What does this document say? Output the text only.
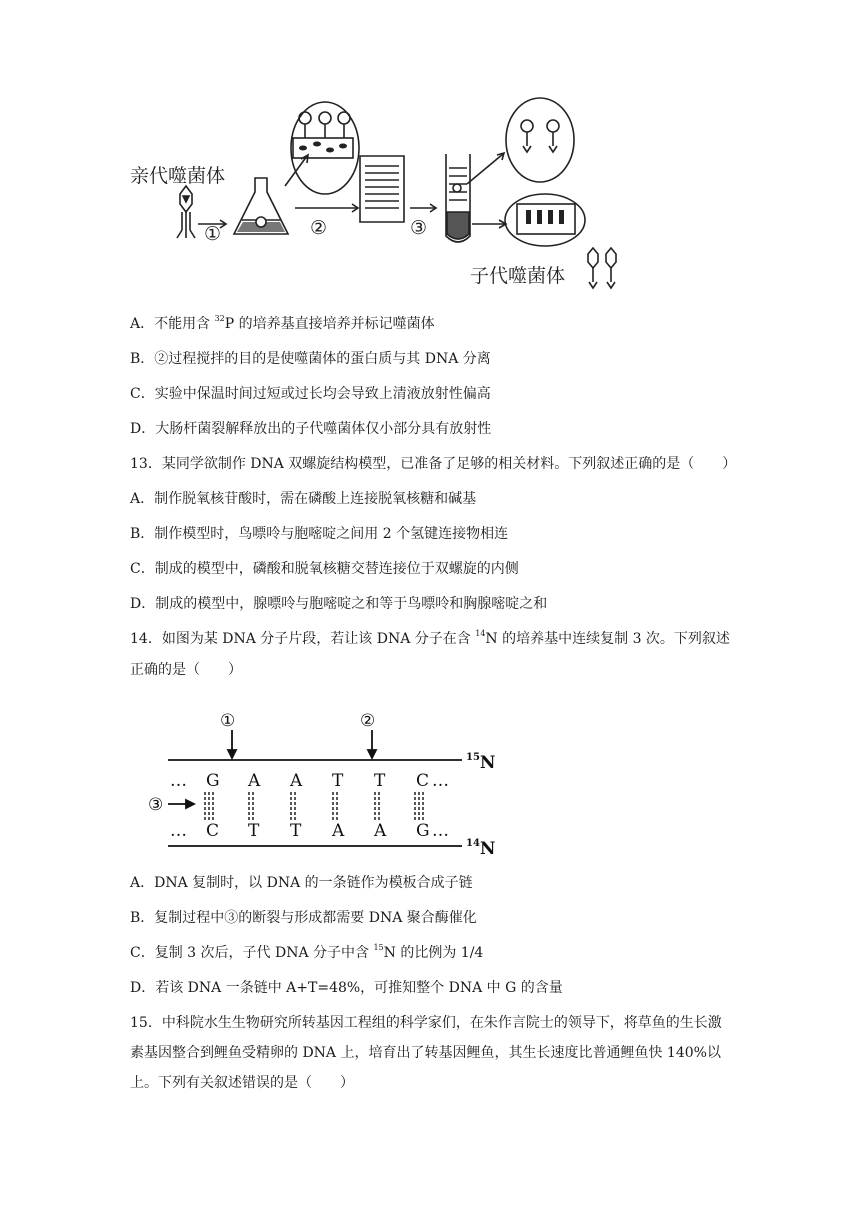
亲代噬菌体
①	②	③
子代噬菌体
A．不能用含 $^{32}$P 的培养基直接培养并标记噬菌体
B．②过程搅拌的目的是使噬菌体的蛋白质与其 DNA 分离
C．实验中保温时间过短或过长均会导致上清液放射性偏高
D．大肠杆菌裂解释放出的子代噬菌体仅小部分具有放射性
13．某同学欲制作 DNA 双螺旋结构模型，已准备了足够的相关材料。下列叙述正确的是（　　）
A．制作脱氧核苷酸时，需在磷酸上连接脱氧核糖和碱基
B．制作模型时，鸟嘌呤与胞嘧啶之间用 2 个氢键连接物相连
C．制成的模型中，磷酸和脱氧核糖交替连接位于双螺旋的内侧
D．制成的模型中，腺嘌呤与胞嘧啶之和等于鸟嘌呤和胸腺嘧啶之和
14．如图为某 DNA 分子片段，若让该 DNA 分子在含 $^{14}$N 的培养基中连续复制 3 次。下列叙述
正确的是（　　）
①	②
③
…
…
…
…
G A A T T C
C T T A A G
$^{15}$N
$^{14}$N
A．DNA 复制时，以 DNA 的一条链作为模板合成子链
B．复制过程中③的断裂与形成都需要 DNA 聚合酶催化
C．复制 3 次后，子代 DNA 分子中含 $^{15}$N 的比例为 1/4
D．若该 DNA 一条链中 A+T=48%，可推知整个 DNA 中 G 的含量
15．中科院水生生物研究所转基因工程组的科学家们，在朱作言院士的领导下，将草鱼的生长激素基因整合到鲤鱼受精卵的 DNA 上，培育出了转基因鲤鱼，其生长速度比普通鲤鱼快 140%以上。下列有关叙述错误的是（　　）
